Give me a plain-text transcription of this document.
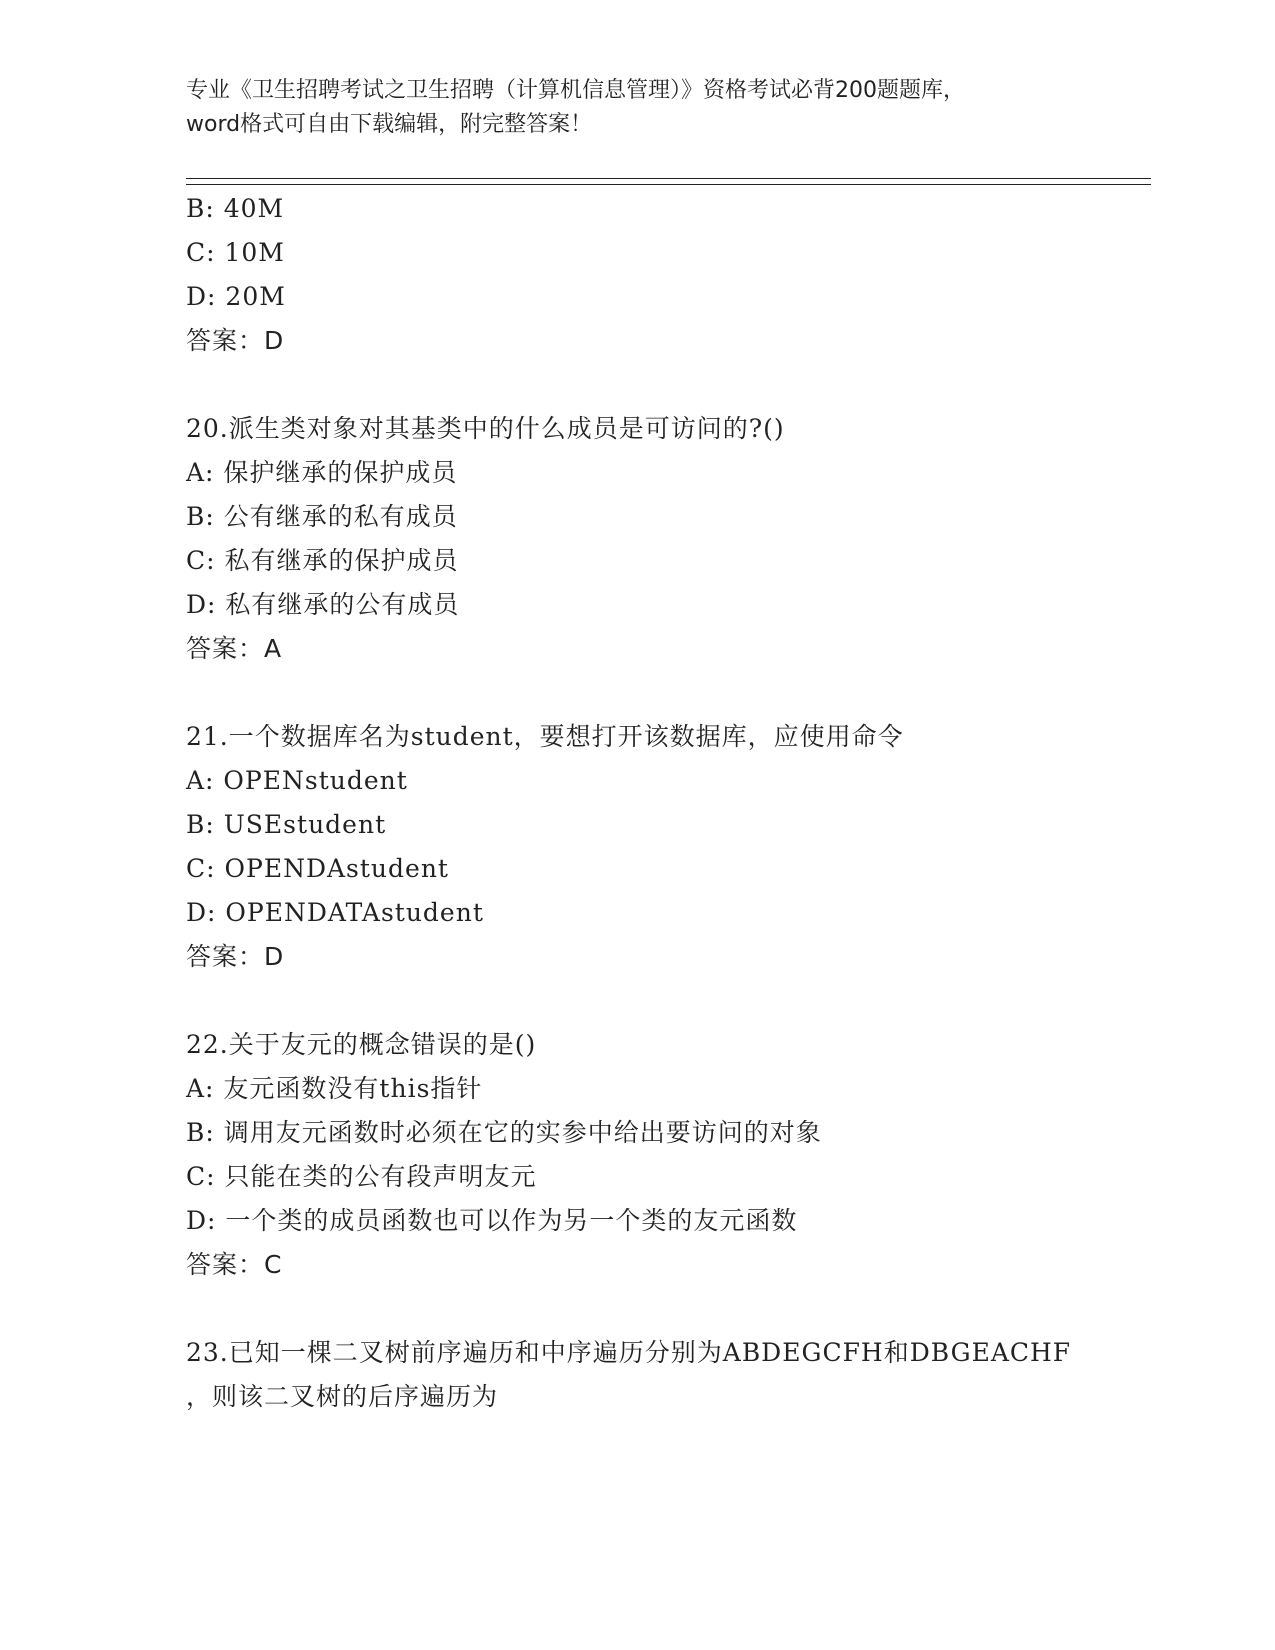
专业《卫生招聘考试之卫生招聘（计算机信息管理）》资格考试必背200题题库，
word格式可自由下载编辑，附完整答案！
B: 40M
C: 10M
D: 20M
答案：D
20.派生类对象对其基类中的什么成员是可访问的?()
A: 保护继承的保护成员
B: 公有继承的私有成员
C: 私有继承的保护成员
D: 私有继承的公有成员
答案：A
21.一个数据库名为student，要想打开该数据库，应使用命令
A: OPENstudent
B: USEstudent
C: OPENDAstudent
D: OPENDATAstudent
答案：D
22.关于友元的概念错误的是()
A: 友元函数没有this指针
B: 调用友元函数时必须在它的实参中给出要访问的对象
C: 只能在类的公有段声明友元
D: 一个类的成员函数也可以作为另一个类的友元函数
答案：C
23.已知一棵二叉树前序遍历和中序遍历分别为ABDEGCFH和DBGEACHF
，则该二叉树的后序遍历为
